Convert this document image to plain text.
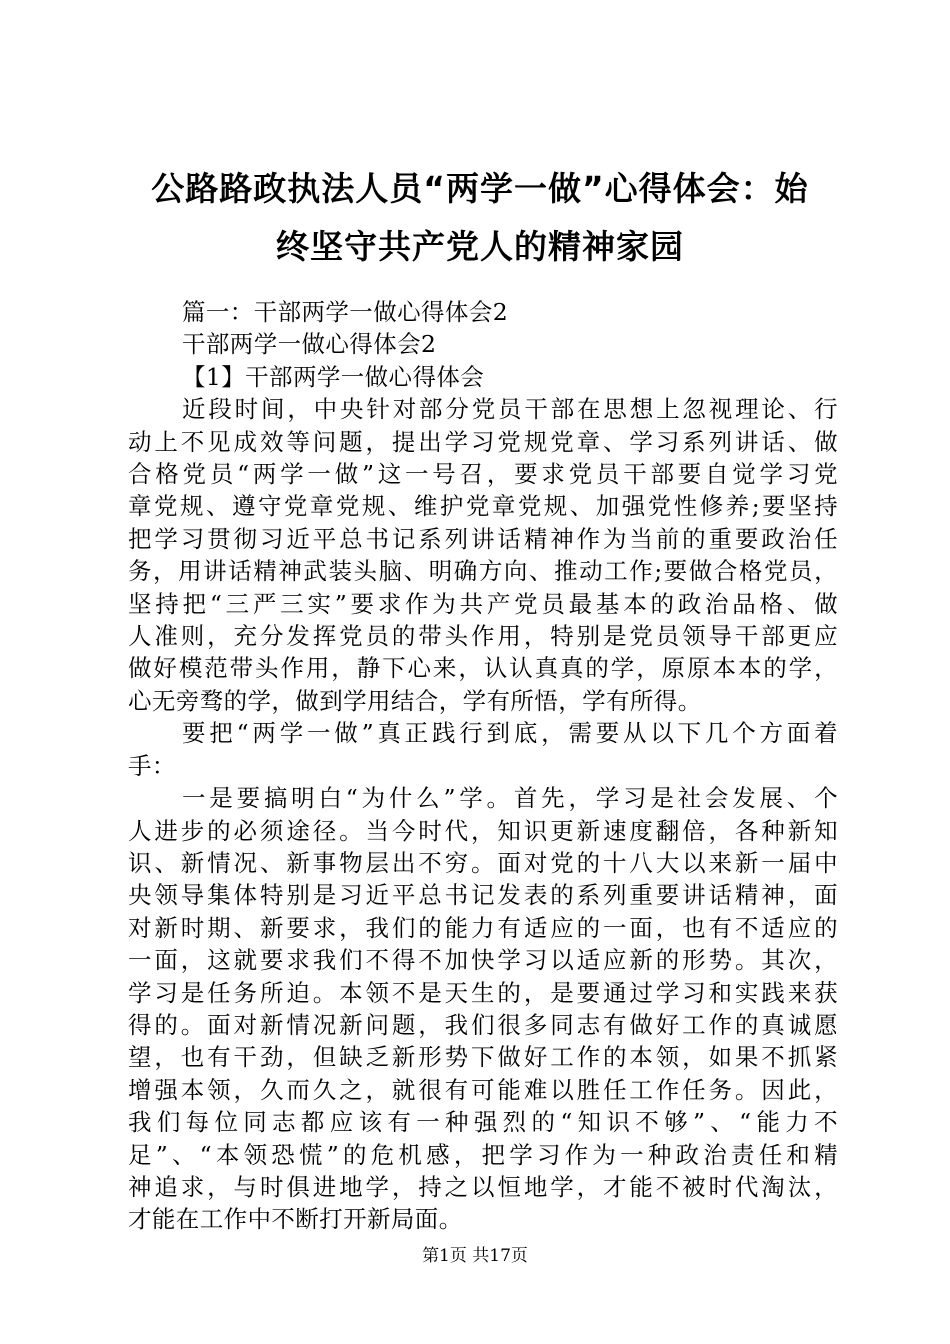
公路路政执法人员“两学一做”心得体会：始
终坚守共产党人的精神家园
篇一：干部两学一做心得体会2
干部两学一做心得体会2
【1】干部两学一做心得体会
近段时间，中央针对部分党员干部在思想上忽视理论、行
动上不见成效等问题，提出学习党规党章、学习系列讲话、做
合格党员“两学一做”这一号召，要求党员干部要自觉学习党
章党规、遵守党章党规、维护党章党规、加强党性修养;要坚持
把学习贯彻习近平总书记系列讲话精神作为当前的重要政治任
务，用讲话精神武装头脑、明确方向、推动工作;要做合格党员，
坚持把“三严三实”要求作为共产党员最基本的政治品格、做
人准则，充分发挥党员的带头作用，特别是党员领导干部更应
做好模范带头作用，静下心来，认认真真的学，原原本本的学，
心无旁骛的学，做到学用结合，学有所悟，学有所得。
要把“两学一做”真正践行到底，需要从以下几个方面着
手：
一是要搞明白“为什么”学。首先，学习是社会发展、个
人进步的必须途径。当今时代，知识更新速度翻倍，各种新知
识、新情况、新事物层出不穷。面对党的十八大以来新一届中
央领导集体特别是习近平总书记发表的系列重要讲话精神，面
对新时期、新要求，我们的能力有适应的一面，也有不适应的
一面，这就要求我们不得不加快学习以适应新的形势。其次，
学习是任务所迫。本领不是天生的，是要通过学习和实践来获
得的。面对新情况新问题，我们很多同志有做好工作的真诚愿
望，也有干劲，但缺乏新形势下做好工作的本领，如果不抓紧
增强本领，久而久之，就很有可能难以胜任工作任务。因此，
我们每位同志都应该有一种强烈的“知识不够”、“能力不
足”、“本领恐慌”的危机感，把学习作为一种政治责任和精
神追求，与时俱进地学，持之以恒地学，才能不被时代淘汰，
才能在工作中不断打开新局面。
第1页 共17页
